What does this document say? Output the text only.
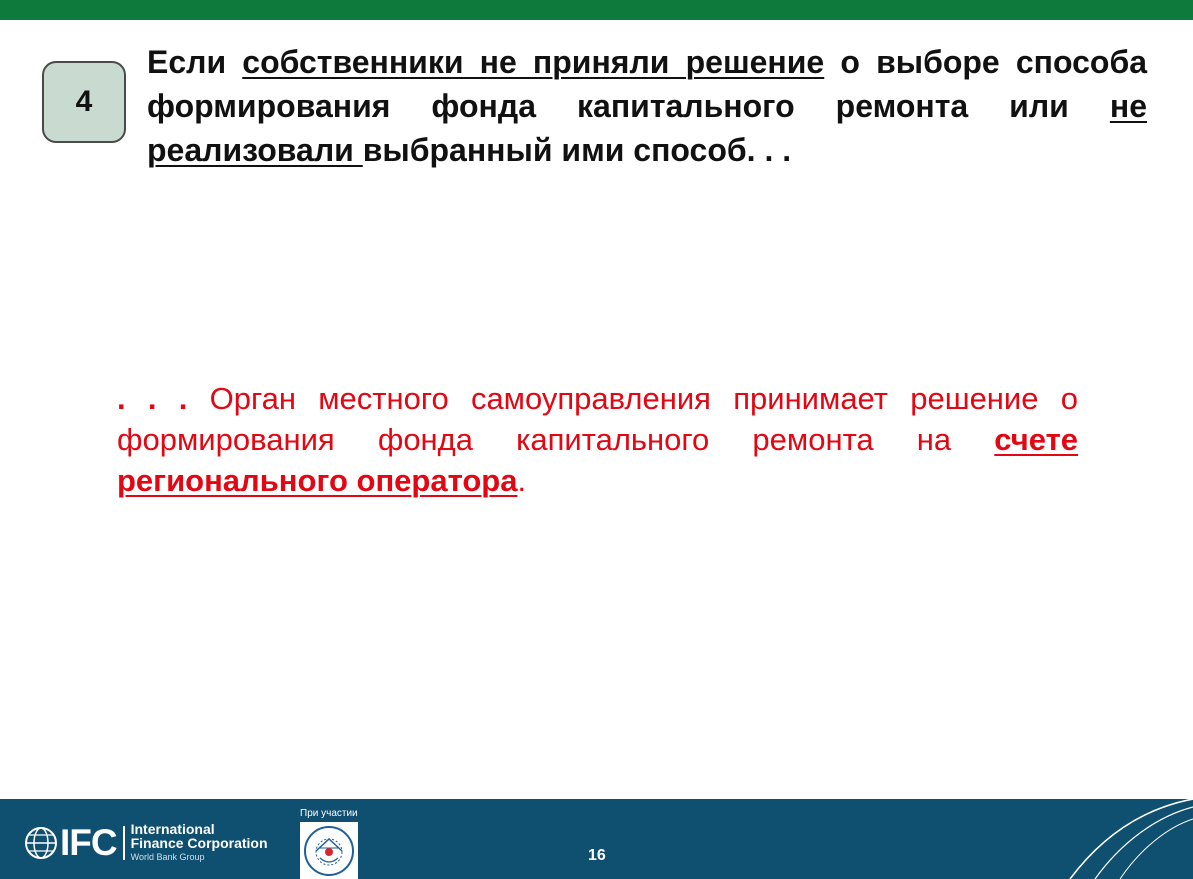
4
Если собственники не приняли решение о выборе способа формирования фонда капитального ремонта или не реализовали выбранный ими способ. . .
. . . Орган местного самоуправления принимает решение о формирования фонда капитального ремонта на счете регионального оператора.
IFC International
Finance Corporation
World Bank Group
При участии
16
